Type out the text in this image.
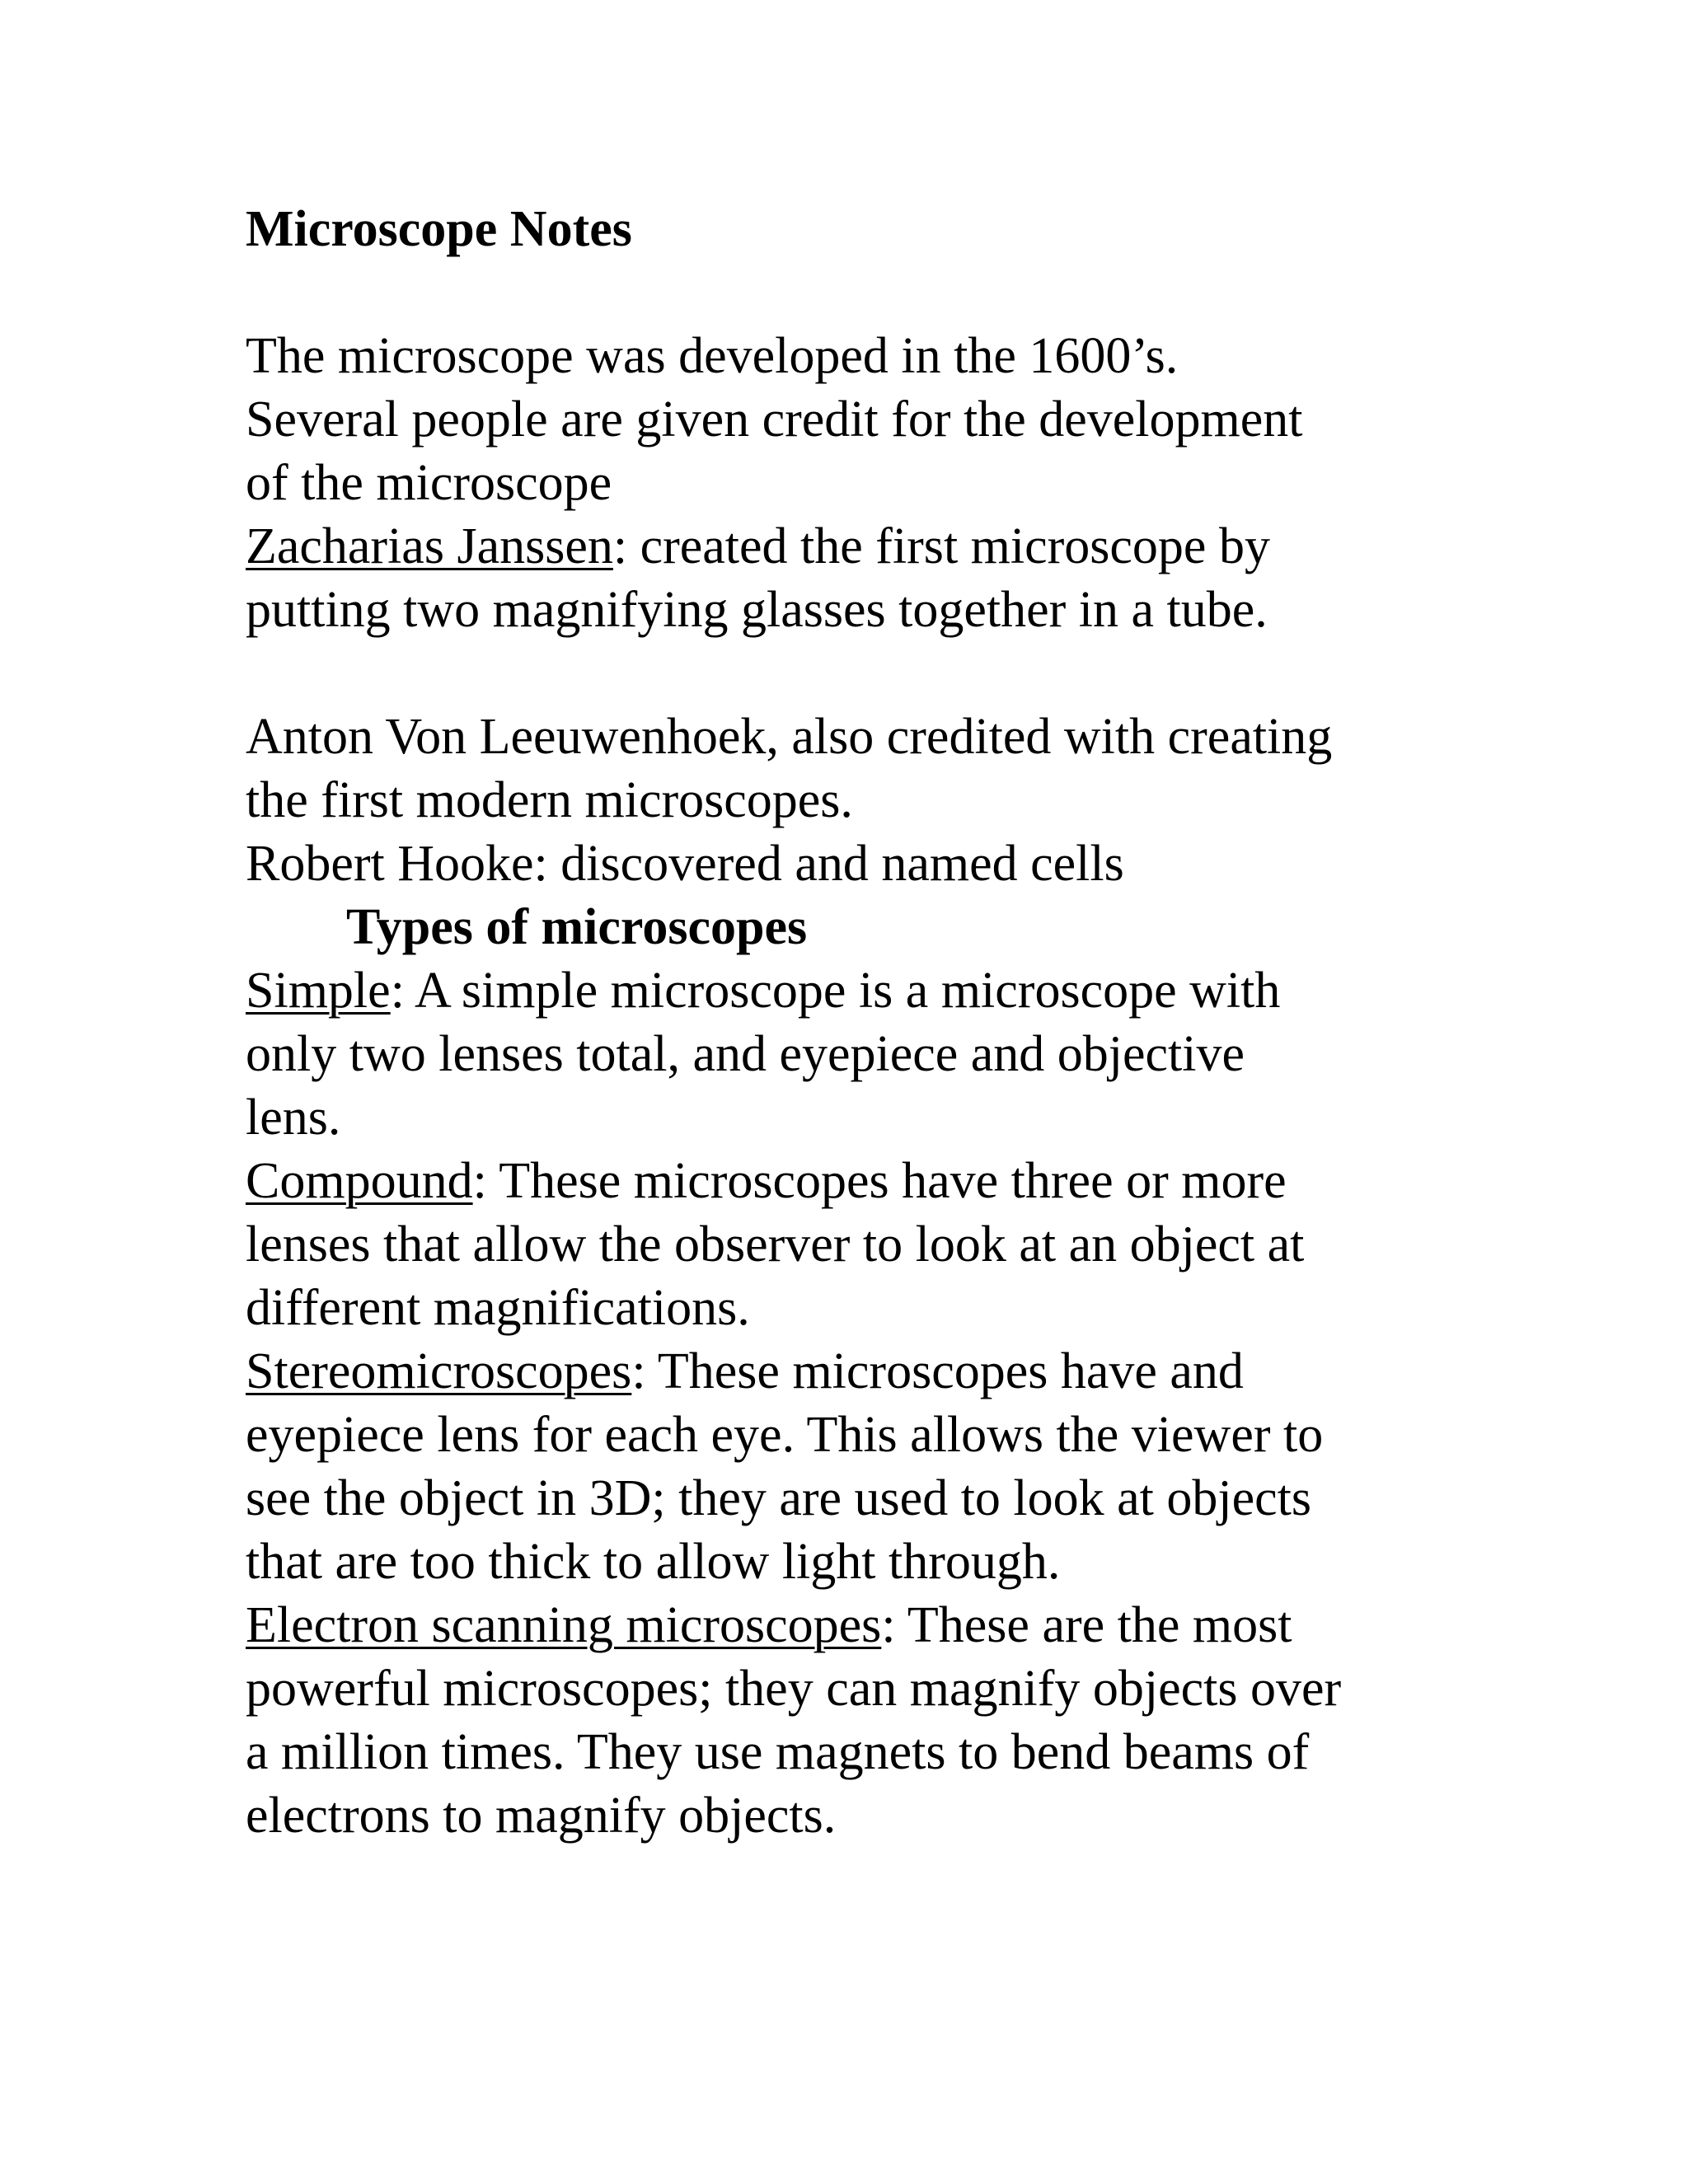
Microscope Notes
The microscope was developed in the 1600’s.
Several people are given credit for the development
of the microscope
Zacharias Janssen: created the first microscope by
putting two magnifying glasses together in a tube.
Anton Von Leeuwenhoek, also credited with creating
the first modern microscopes.
Robert Hooke: discovered and named cells
Types of microscopes
Simple: A simple microscope is a microscope with
only two lenses total, and eyepiece and objective
lens.
Compound: These microscopes have three or more
lenses that allow the observer to look at an object at
different magnifications.
Stereomicroscopes: These microscopes have and
eyepiece lens for each eye. This allows the viewer to
see the object in 3D; they are used to look at objects
that are too thick to allow light through.
Electron scanning microscopes: These are the most
powerful microscopes; they can magnify objects over
a million times. They use magnets to bend beams of
electrons to magnify objects.
